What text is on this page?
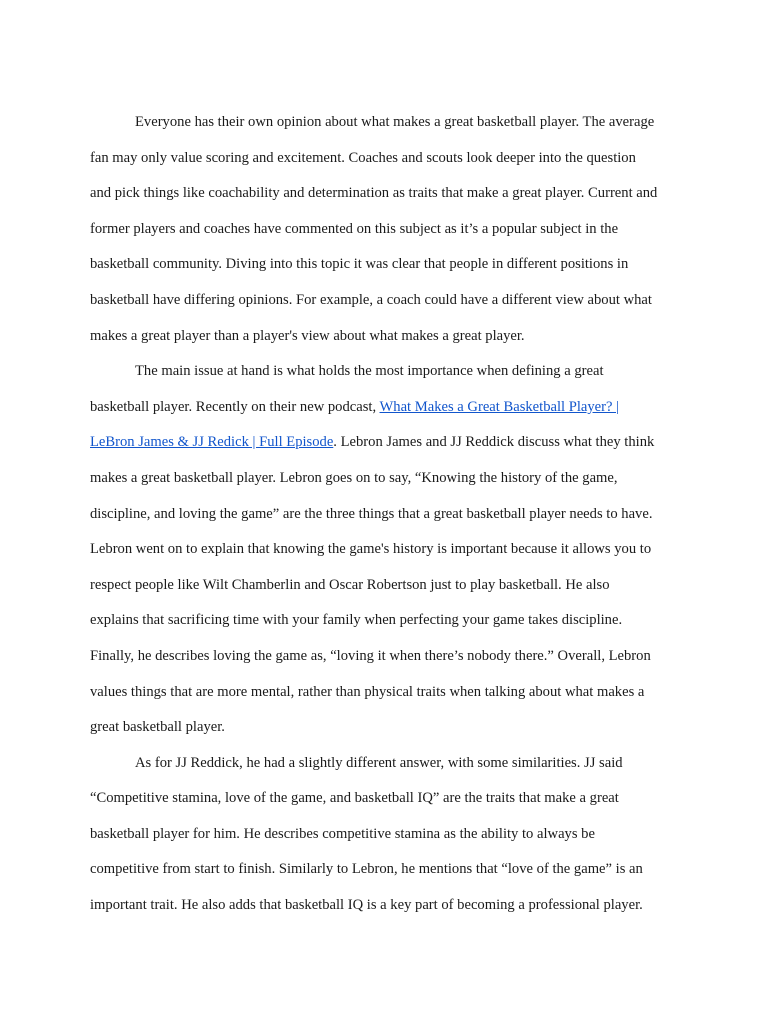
Everyone has their own opinion about what makes a great basketball player. The average
fan may only value scoring and excitement. Coaches and scouts look deeper into the question
and pick things like coachability and determination as traits that make a great player. Current and
former players and coaches have commented on this subject as it’s a popular subject in the
basketball community. Diving into this topic it was clear that people in different positions in
basketball have differing opinions. For example, a coach could have a different view about what
makes a great player than a player's view about what makes a great player.
The main issue at hand is what holds the most importance when defining a great
basketball player. Recently on their new podcast, What Makes a Great Basketball Player? |
LeBron James & JJ Redick | Full Episode. Lebron James and JJ Reddick discuss what they think
makes a great basketball player. Lebron goes on to say, “Knowing the history of the game,
discipline, and loving the game” are the three things that a great basketball player needs to have.
Lebron went on to explain that knowing the game's history is important because it allows you to
respect people like Wilt Chamberlin and Oscar Robertson just to play basketball. He also
explains that sacrificing time with your family when perfecting your game takes discipline.
Finally, he describes loving the game as, “loving it when there’s nobody there.” Overall, Lebron
values things that are more mental, rather than physical traits when talking about what makes a
great basketball player.
As for JJ Reddick, he had a slightly different answer, with some similarities. JJ said
“Competitive stamina, love of the game, and basketball IQ” are the traits that make a great
basketball player for him. He describes competitive stamina as the ability to always be
competitive from start to finish. Similarly to Lebron, he mentions that “love of the game” is an
important trait. He also adds that basketball IQ is a key part of becoming a professional player.
